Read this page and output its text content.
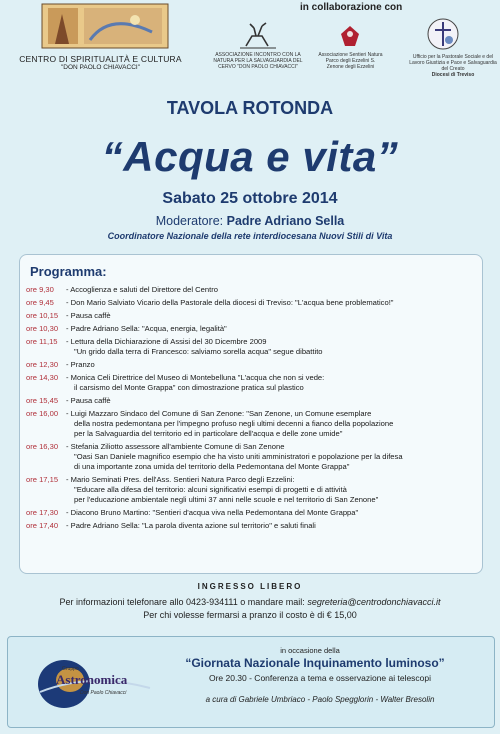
CENTRO DI SPIRITUALITÀ E CULTURA
"DON PAOLO CHIAVACCI"
in collaborazione con
ASSOCIAZIONE INCONTRO CON LA NATURA PER LA SALVAGUARDIA DEL CERVO "DON PAOLO CHIAVACCI"
Associazione Sentieri Natura Parco degli Ezzelini S. Zenone degli Ezzelini
Ufficio per la Pastorale Sociale e del Lavoro Giustizia e Pace e Salvaguardia del Creato
Diocesi di Treviso
TAVOLA ROTONDA
“Acqua e vita”
Sabato 25 ottobre 2014
Moderatore: Padre Adriano Sella
Coordinatore Nazionale della rete interdiocesana Nuovi Stili di Vita
Programma:
ore 9,30 - Accoglienza e saluti del Direttore del Centro
ore 9,45 - Don Mario Salviato Vicario della Pastorale della diocesi di Treviso: "L'acqua bene problematico!"
ore 10,15 - Pausa caffè
ore 10,30 - Padre Adriano Sella: "Acqua, energia, legalità"
ore 11,15 - Lettura della Dichiarazione di Assisi del 30 Dicembre 2009
"Un grido dalla terra di Francesco: salviamo sorella acqua" segue dibattito
ore 12,30 - Pranzo
ore 14,30 - Monica Celi Direttrice del Museo di Montebelluna "L'acqua che non si vede:
il carsismo del Monte Grappa" con dimostrazione pratica sul plastico
ore 15,45 - Pausa caffè
ore 16,00 - Luigi Mazzaro Sindaco del Comune di San Zenone: "San Zenone, un Comune esemplare
della nostra pedemontana per l'impegno profuso negli ultimi decenni a fianco della popolazione
per la Salvaguardia del territorio ed in particolare dell'acqua e delle zone umide"
ore 16,30 - Stefania Ziliotto assessore all'ambiente Comune di San Zenone
"Oasi San Daniele magnifico esempio che ha visto uniti amministratori e popolazione per la difesa
di una importante zona umida del territorio della Pedemontana del Monte Grappa"
ore 17,15 - Mario Seminati Pres. dell'Ass. Sentieri Natura Parco degli Ezzelini:
"Educare alla difesa del territorio: alcuni significativi esempi di progetti e di attività
per l'educazione ambientale negli ultimi 37 anni nelle scuole e nel territorio di San Zenone"
ore 17,30 - Diacono Bruno Martino: "Sentieri d'acqua viva nella Pedemontana del Monte Grappa"
ore 17,40 - Padre Adriano Sella: "La parola diventa azione sul territorio" e saluti finali
INGRESSO LIBERO
Per informazioni telefonare allo 0423-934111 o mandare mail: segreteria@centrodonchiavacci.it
Per chi volesse fermarsi a pranzo il costo è di € 15,00
Gruppo
Astronomica
Don Paolo Chiavacci
in occasione della
“Giornata Nazionale Inquinamento luminoso”
Ore 20.30 - Conferenza a tema e osservazione ai telescopi
a cura di Gabriele Umbriaco - Paolo Spegglorin - Walter Bresolin
